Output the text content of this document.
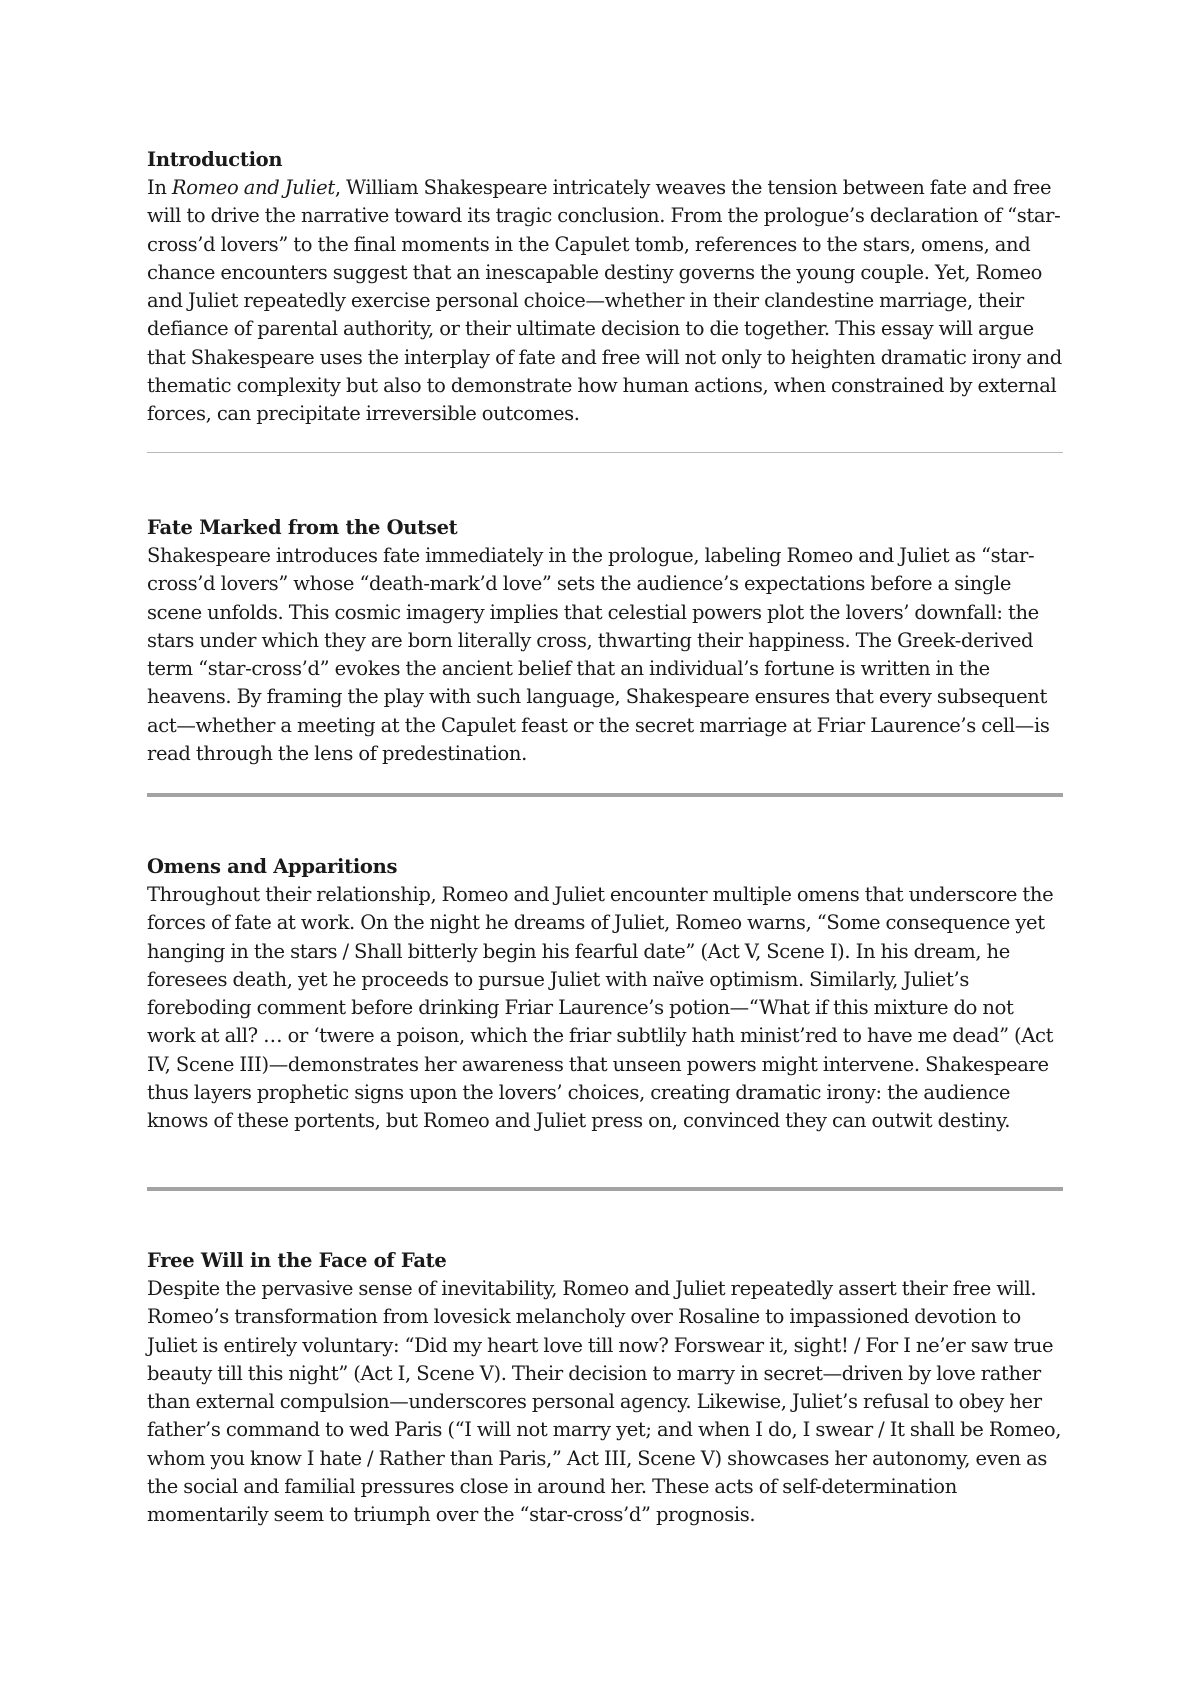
Introduction

In Romeo and Juliet, William Shakespeare intricately weaves the tension between fate and free will to drive the narrative toward its tragic conclusion. From the prologue’s declaration of “star-cross’d lovers” to the final moments in the Capulet tomb, references to the stars, omens, and chance encounters suggest that an inescapable destiny governs the young couple. Yet, Romeo and Juliet repeatedly exercise personal choice—whether in their clandestine marriage, their defiance of parental authority, or their ultimate decision to die together. This essay will argue that Shakespeare uses the interplay of fate and free will not only to heighten dramatic irony and thematic complexity but also to demonstrate how human actions, when constrained by external forces, can precipitate irreversible outcomes.

Fate Marked from the Outset

Shakespeare introduces fate immediately in the prologue, labeling Romeo and Juliet as “star-cross’d lovers” whose “death-mark’d love” sets the audience’s expectations before a single scene unfolds. This cosmic imagery implies that celestial powers plot the lovers’ downfall: the stars under which they are born literally cross, thwarting their happiness. The Greek-derived term “star-cross’d” evokes the ancient belief that an individual’s fortune is written in the heavens. By framing the play with such language, Shakespeare ensures that every subsequent act—whether a meeting at the Capulet feast or the secret marriage at Friar Laurence’s cell—is read through the lens of predestination.

Omens and Apparitions

Throughout their relationship, Romeo and Juliet encounter multiple omens that underscore the forces of fate at work. On the night he dreams of Juliet, Romeo warns, “Some consequence yet hanging in the stars / Shall bitterly begin his fearful date” (Act V, Scene I). In his dream, he foresees death, yet he proceeds to pursue Juliet with naïve optimism. Similarly, Juliet’s foreboding comment before drinking Friar Laurence’s potion—“What if this mixture do not work at all? … or ‘twere a poison, which the friar subtlily hath minist’red to have me dead” (Act IV, Scene III)—demonstrates her awareness that unseen powers might intervene. Shakespeare thus layers prophetic signs upon the lovers’ choices, creating dramatic irony: the audience knows of these portents, but Romeo and Juliet press on, convinced they can outwit destiny.

Free Will in the Face of Fate

Despite the pervasive sense of inevitability, Romeo and Juliet repeatedly assert their free will. Romeo’s transformation from lovesick melancholy over Rosaline to impassioned devotion to Juliet is entirely voluntary: “Did my heart love till now? Forswear it, sight! / For I ne’er saw true beauty till this night” (Act I, Scene V). Their decision to marry in secret—driven by love rather than external compulsion—underscores personal agency. Likewise, Juliet’s refusal to obey her father’s command to wed Paris (“I will not marry yet; and when I do, I swear / It shall be Romeo, whom you know I hate / Rather than Paris,” Act III, Scene V) showcases her autonomy, even as the social and familial pressures close in around her. These acts of self-determination momentarily seem to triumph over the “star-cross’d” prognosis.
